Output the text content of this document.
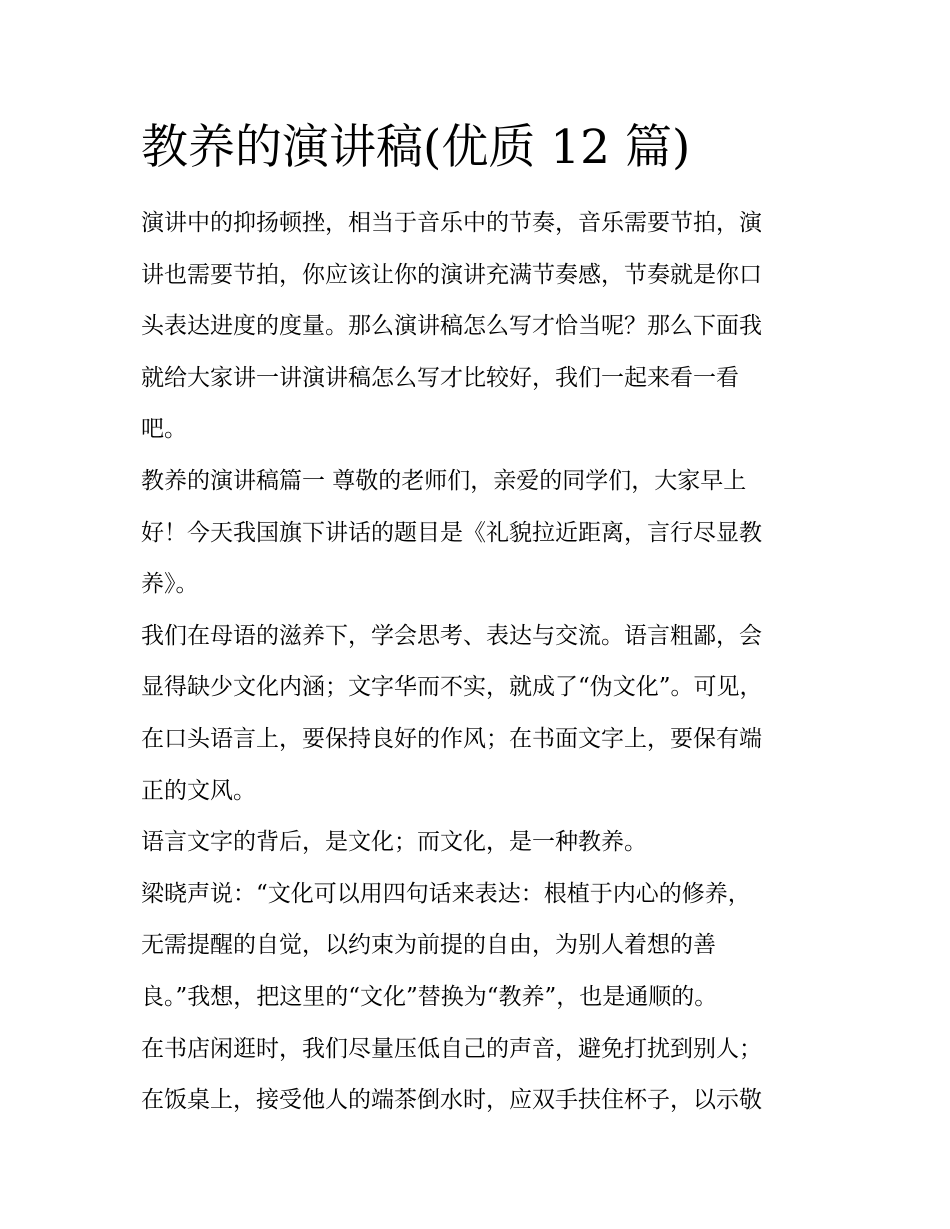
教养的演讲稿(优质 12 篇)
演讲中的抑扬顿挫，相当于音乐中的节奏，音乐需要节拍，演
讲也需要节拍，你应该让你的演讲充满节奏感，节奏就是你口
头表达进度的度量。那么演讲稿怎么写才恰当呢？那么下面我
就给大家讲一讲演讲稿怎么写才比较好，我们一起来看一看
吧。
教养的演讲稿篇一 尊敬的老师们，亲爱的同学们，大家早上
好！今天我国旗下讲话的题目是《礼貌拉近距离，言行尽显教
养》。
我们在母语的滋养下，学会思考、表达与交流。语言粗鄙，会
显得缺少文化内涵；文字华而不实，就成了“伪文化”。可见，
在口头语言上，要保持良好的作风；在书面文字上，要保有端
正的文风。
语言文字的背后，是文化；而文化，是一种教养。
梁晓声说：“文化可以用四句话来表达：根植于内心的修养，
无需提醒的自觉，以约束为前提的自由，为别人着想的善
良。”我想，把这里的“文化”替换为“教养”，也是通顺的。
在书店闲逛时，我们尽量压低自己的声音，避免打扰到别人；
在饭桌上，接受他人的端茶倒水时，应双手扶住杯子，以示敬
